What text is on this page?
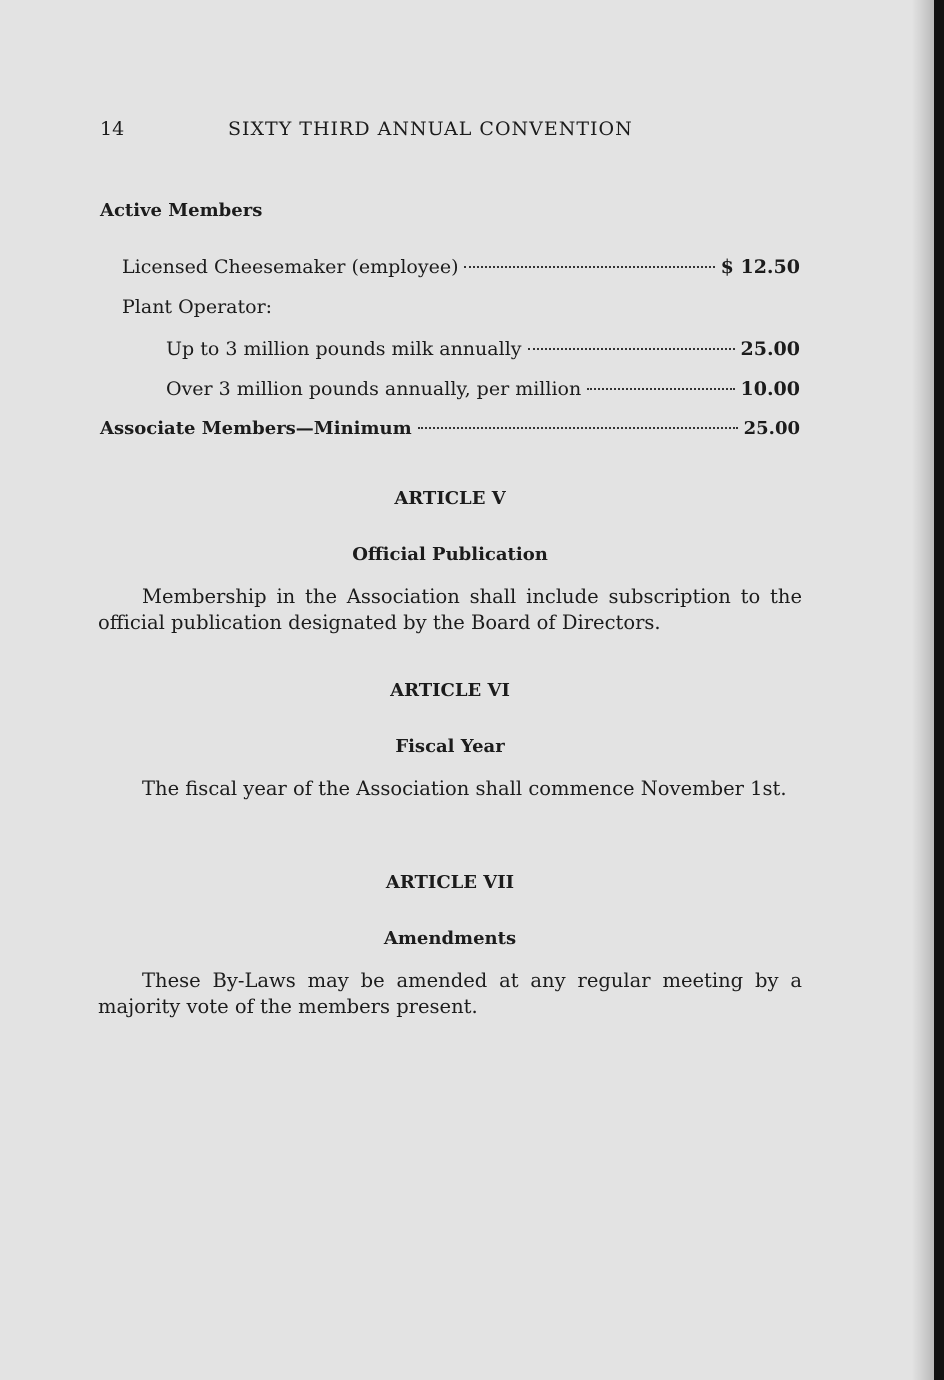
14	SIXTY THIRD ANNUAL CONVENTION
Active Members
Licensed Cheesemaker (employee)	$ 12.50
Plant Operator:
Up to 3 million pounds milk annually	25.00
Over 3 million pounds annually, per million	10.00
Associate Members—Minimum	25.00
ARTICLE V
Official Publication
Membership in the Association shall include subscription to the official publication designated by the Board of Directors.
ARTICLE VI
Fiscal Year
The fiscal year of the Association shall commence November 1st.
ARTICLE VII
Amendments
These By-Laws may be amended at any regular meeting by a majority vote of the members present.
